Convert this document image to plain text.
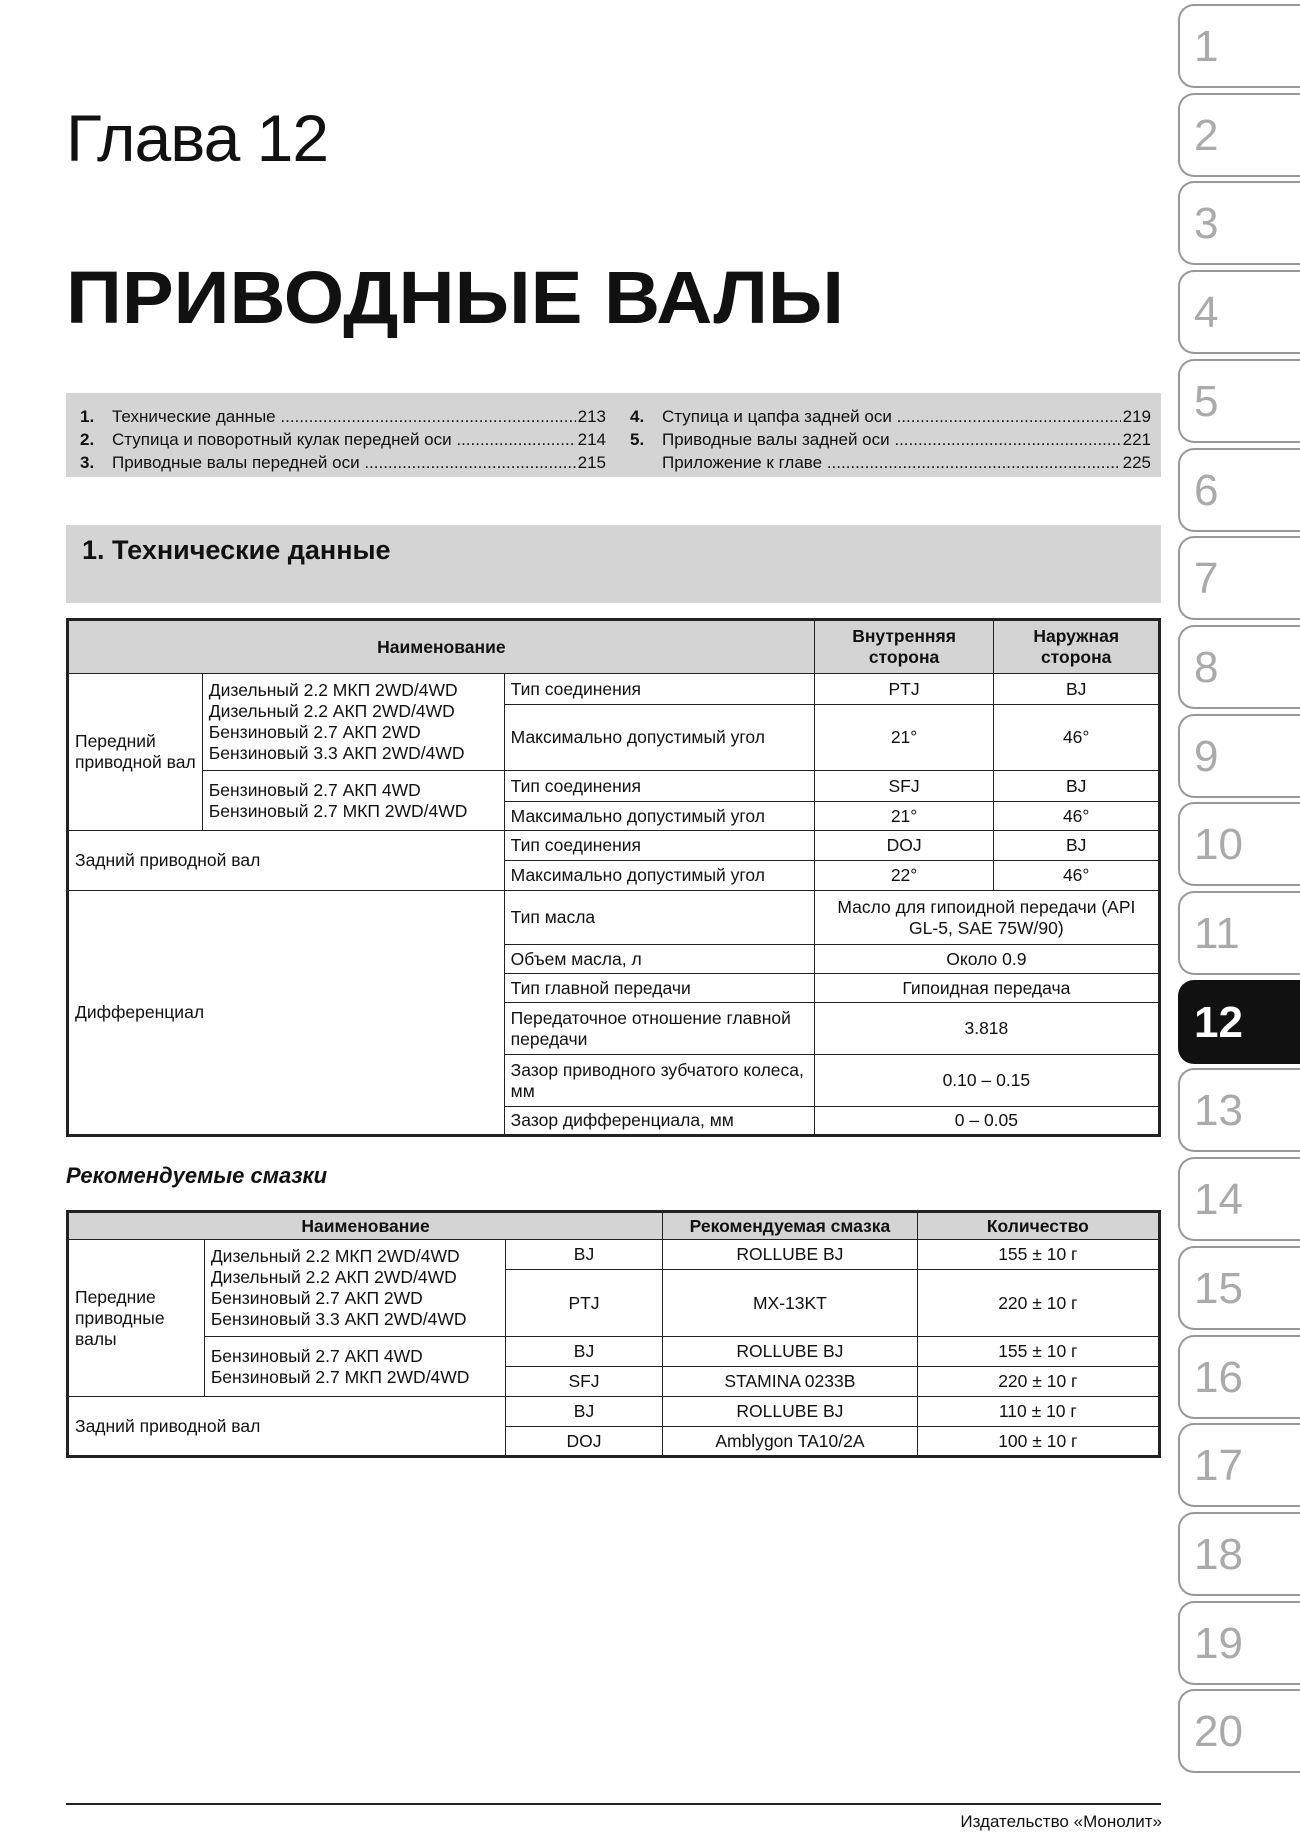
Глава 12
ПРИВОДНЫЕ ВАЛЫ
1.	Технические данные .....	213
2.	Ступица и поворотный кулак передней оси .....	214
3.	Приводные валы передней оси .....	215
4.	Ступица и цапфа задней оси .....	219
5.	Приводные валы задней оси .....	221
Приложение к главе .....	225
1. Технические данные
Наименование			Внутренняя сторона	Наружная сторона
Передний приводной вал	Дизельный 2.2 МКП 2WD/4WD
Дизельный 2.2 АКП 2WD/4WD
Бензиновый 2.7 АКП 2WD
Бензиновый 3.3 АКП 2WD/4WD	Тип соединения	PTJ	BJ
		Максимально допустимый угол	21°	46°

	Бензиновый 2.7 АКП 4WD
Бензиновый 2.7 МКП 2WD/4WD	Тип соединения	SFJ	BJ
		Максимально допустимый угол	21°	46°
Задний приводной вал		Тип соединения	DOJ	BJ
		Максимально допустимый угол	22°	46°
Дифференциал		Тип масла	Масло для гипоидной передачи (API GL-5, SAE 75W/90)	
		Объем масла, л	Около 0.9	
		Тип главной передачи	Гипоидная передача	
		Передаточное отношение главной передачи	3.818	
		Зазор приводного зубчатого колеса, мм	0.10 – 0.15	
		Зазор дифференциала, мм	0 – 0.05	
Рекомендуемые смазки
Наименование			Рекомендуемая смазка	Количество
Передние приводные валы	Дизельный 2.2 МКП 2WD/4WD
Дизельный 2.2 АКП 2WD/4WD
Бензиновый 2.7 АКП 2WD
Бензиновый 3.3 АКП 2WD/4WD	BJ	ROLLUBE BJ	155 ± 10 г
		PTJ	MX-13KT	220 ± 10 г

	Бензиновый 2.7 АКП 4WD
Бензиновый 2.7 МКП 2WD/4WD	BJ	ROLLUBE BJ	155 ± 10 г
		SFJ	STAMINA 0233B	220 ± 10 г
Задний приводной вал		BJ	ROLLUBE BJ	110 ± 10 г
		DOJ	Amblygon TA10/2A	100 ± 10 г
Издательство «Монолит»
1
2
3
4
5
6
7
8
9
10
11
12
13
14
15
16
17
18
19
20
